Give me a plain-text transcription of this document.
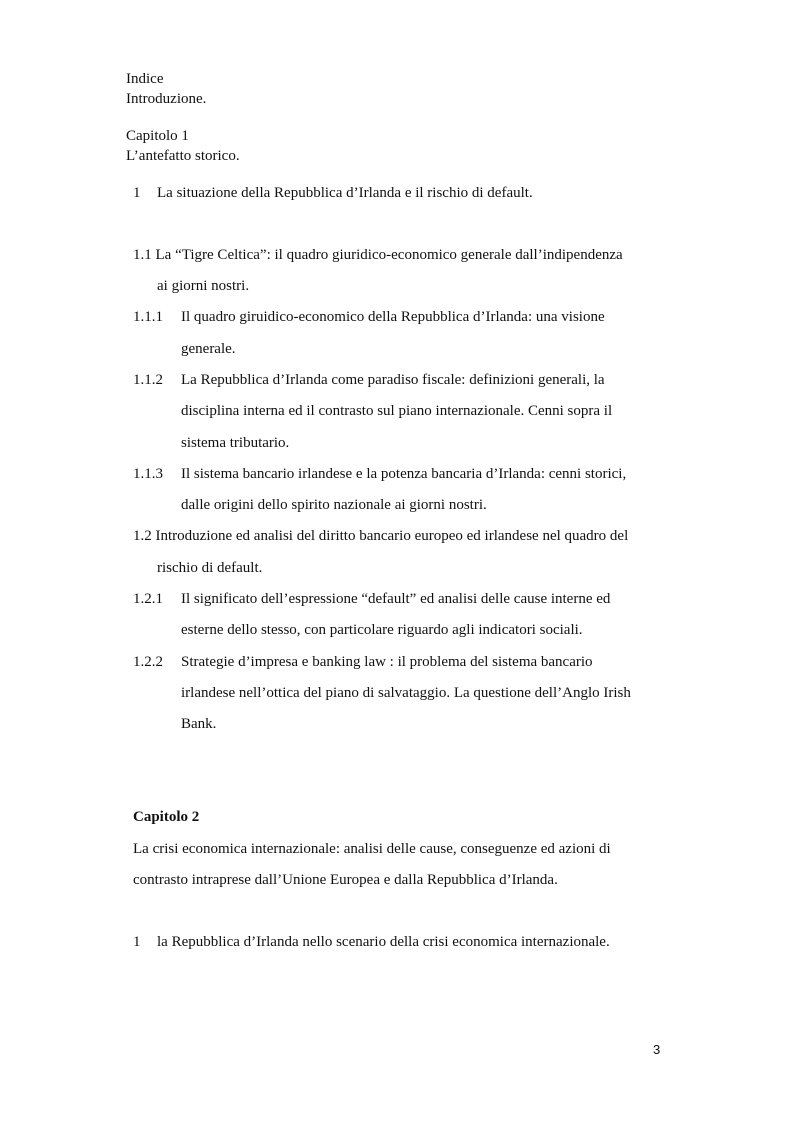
Indice
Introduzione.
Capitolo 1
L’antefatto storico.
1 La situazione della Repubblica d’Irlanda e il rischio di default.
1.1 La “Tigre Celtica”: il quadro giuridico-economico generale dall’indipendenza
ai giorni nostri.
1.1.1 Il quadro giruidico-economico della Repubblica d’Irlanda: una visione
generale.
1.1.2 La Repubblica d’Irlanda come paradiso fiscale: definizioni generali, la
disciplina interna ed il contrasto sul piano internazionale. Cenni sopra il
sistema tributario.
1.1.3 Il sistema bancario irlandese e la potenza bancaria d’Irlanda: cenni storici,
dalle origini dello spirito nazionale ai giorni nostri.
1.2 Introduzione ed analisi del diritto bancario europeo ed irlandese nel quadro del
rischio di default.
1.2.1 Il significato dell’espressione “default” ed analisi delle cause interne ed
esterne dello stesso, con particolare riguardo agli indicatori sociali.
1.2.2 Strategie d’impresa e banking law : il problema del sistema bancario
irlandese nell’ottica del piano di salvataggio. La questione dell’Anglo Irish
Bank.
Capitolo 2
La crisi economica internazionale: analisi delle cause, conseguenze ed azioni di
contrasto intraprese dall’Unione Europea e dalla Repubblica d’Irlanda.
1 la Repubblica d’Irlanda nello scenario della crisi economica internazionale.
3
